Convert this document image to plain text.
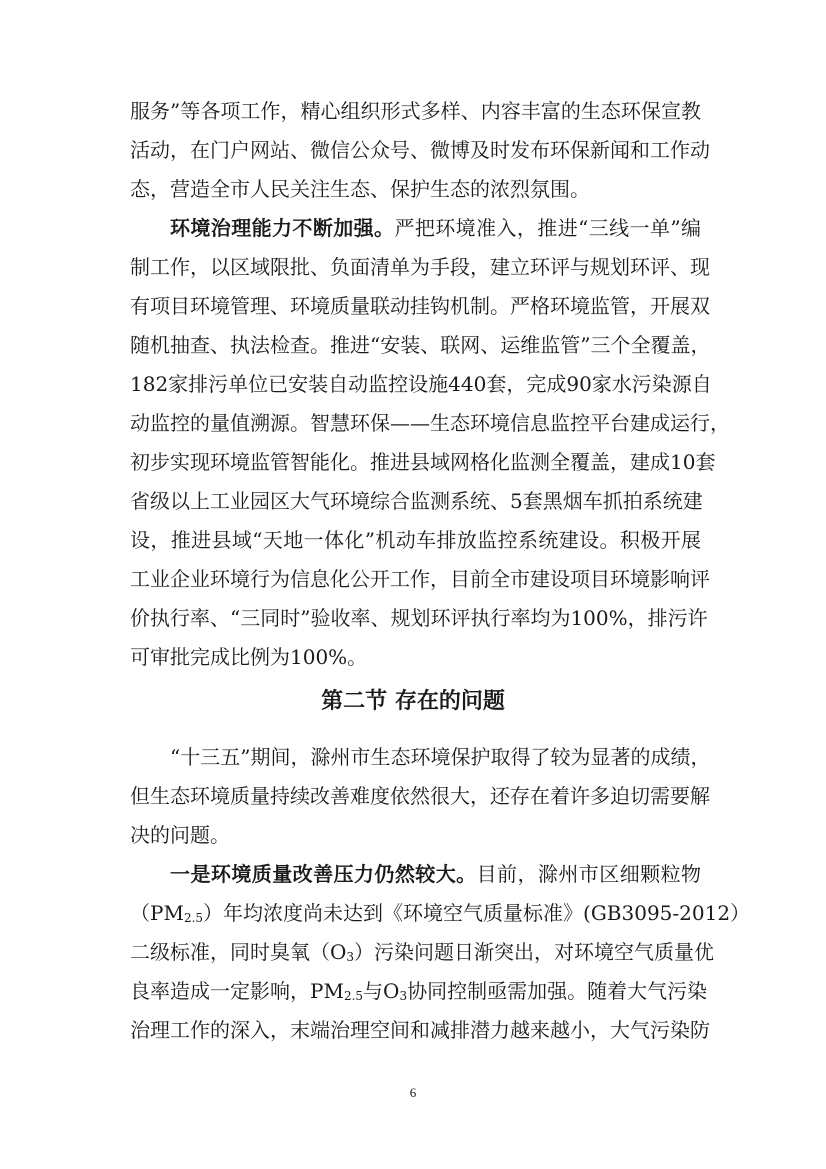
服务”等各项工作，精心组织形式多样、内容丰富的生态环保宣教
活动，在门户网站、微信公众号、微博及时发布环保新闻和工作动
态，营造全市人民关注生态、保护生态的浓烈氛围。
环境治理能力不断加强。严把环境准入，推进“三线一单”编
制工作，以区域限批、负面清单为手段，建立环评与规划环评、现
有项目环境管理、环境质量联动挂钩机制。严格环境监管，开展双
随机抽查、执法检查。推进“安装、联网、运维监管”三个全覆盖，
182家排污单位已安装自动监控设施440套，完成90家水污染源自
动监控的量值溯源。智慧环保——生态环境信息监控平台建成运行，
初步实现环境监管智能化。推进县域网格化监测全覆盖，建成10套
省级以上工业园区大气环境综合监测系统、5套黑烟车抓拍系统建
设，推进县域“天地一体化”机动车排放监控系统建设。积极开展
工业企业环境行为信息化公开工作，目前全市建设项目环境影响评
价执行率、“三同时”验收率、规划环评执行率均为100%，排污许
可审批完成比例为100%。
第二节 存在的问题
“十三五”期间，滁州市生态环境保护取得了较为显著的成绩，
但生态环境质量持续改善难度依然很大，还存在着许多迫切需要解
决的问题。
一是环境质量改善压力仍然较大。目前，滁州市区细颗粒物
$(PM_{2.5})$年均浓度尚未达到《环境空气质量标准》(GB3095-2012）
二级标准，同时臭氧$(O_3)$污染问题日渐突出，对环境空气质量优
良率造成一定影响，$PM_{2.5}$与$O_3$协同控制亟需加强。随着大气污染
治理工作的深入，末端治理空间和减排潜力越来越小，大气污染防
6
